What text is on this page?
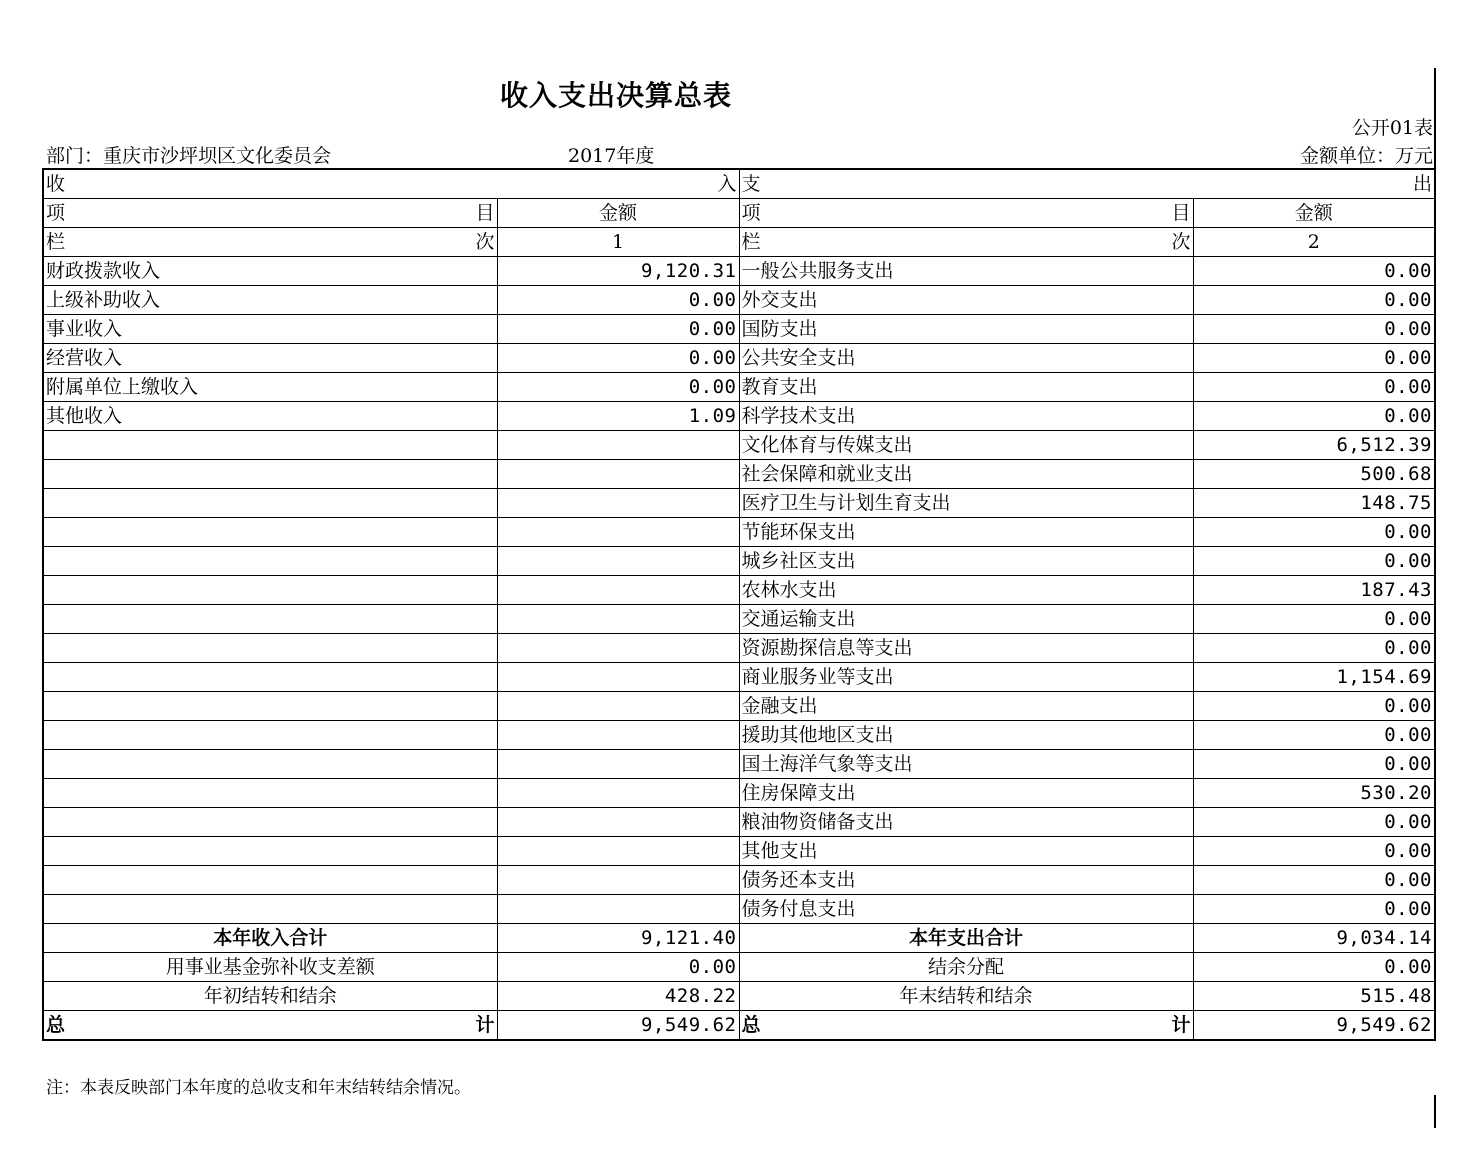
收入支出决算总表
公开01表
部门：重庆市沙坪坝区文化委员会	2017年度	金额单位：万元
收 入		支 出	

项 目	金额	项 目	金额

栏 次	1	栏 次	2
财政拨款收入	9,120.31	一般公共服务支出	0.00
上级补助收入	0.00	外交支出	0.00
事业收入	0.00	国防支出	0.00
经营收入	0.00	公共安全支出	0.00
附属单位上缴收入	0.00	教育支出	0.00
其他收入	1.09	科学技术支出	0.00
		文化体育与传媒支出	6,512.39
		社会保障和就业支出	500.68
		医疗卫生与计划生育支出	148.75
		节能环保支出	0.00
		城乡社区支出	0.00
		农林水支出	187.43
		交通运输支出	0.00
		资源勘探信息等支出	0.00
		商业服务业等支出	1,154.69
		金融支出	0.00
		援助其他地区支出	0.00
		国土海洋气象等支出	0.00
		住房保障支出	530.20
		粮油物资储备支出	0.00
		其他支出	0.00
		债务还本支出	0.00
		债务付息支出	0.00
本年收入合计	9,121.40	本年支出合计	9,034.14
用事业基金弥补收支差额	0.00	结余分配	0.00
年初结转和结余	428.22	年末结转和结余	515.48

总 计	9,549.62	总 计	9,549.62
注：本表反映部门本年度的总收支和年末结转结余情况。
